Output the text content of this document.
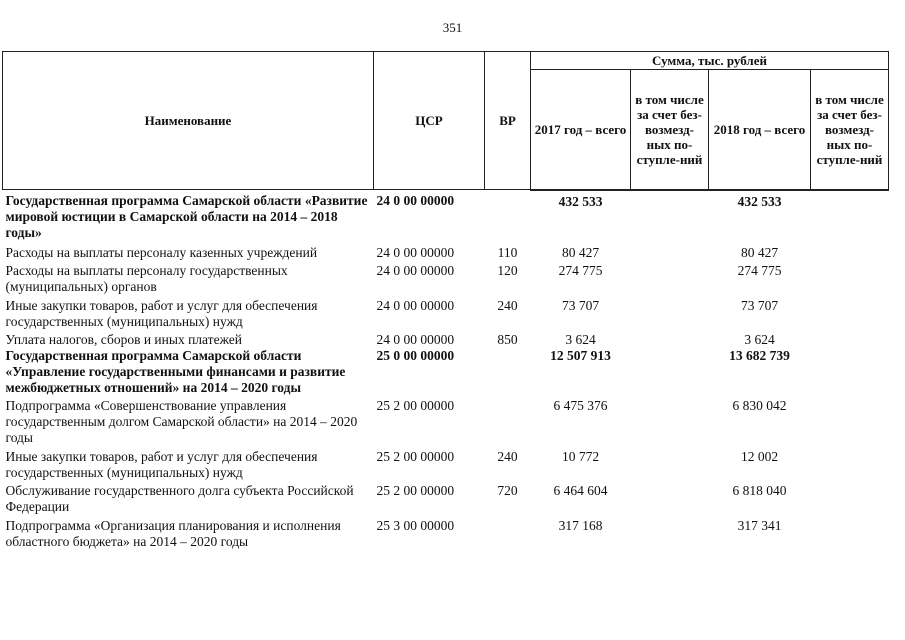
351
Наименование	ЦСР	ВР	Сумма, тыс. рублей			
			2017 год – всего	в том числе за счет без-возмезд-ных по-ступле-ний	2018 год – всего	в том числе за счет без-возмезд-ных по-ступле-ний
Государственная программа Самарской области «Развитие мировой юстиции в Самарской области на 2014 – 2018 годы»	24 0 00 00000		432 533		432 533	
Расходы на выплаты персоналу казенных учреждений	24 0 00 00000	110	80 427		80 427	
Расходы на выплаты персоналу государственных (муниципальных) органов	24 0 00 00000	120	274 775		274 775	
Иные закупки товаров, работ и услуг для обеспечения государственных (муниципальных) нужд	24 0 00 00000	240	73 707		73 707	
Уплата налогов, сборов и иных платежей	24 0 00 00000	850	3 624		3 624	
Государственная программа Самарской области «Управление государственными финансами и развитие межбюджетных отношений» на 2014 – 2020 годы	25 0 00 00000		12 507 913		13 682 739	
Подпрограмма «Совершенствование управления государственным долгом Самарской области» на 2014 – 2020 годы	25 2 00 00000		6 475 376		6 830 042	
Иные закупки товаров, работ и услуг для обеспечения государственных (муниципальных) нужд	25 2 00 00000	240	10 772		12 002	
Обслуживание государственного долга субъекта Российской Федерации	25 2 00 00000	720	6 464 604		6 818 040	
Подпрограмма «Организация планирования и исполнения областного бюджета» на 2014 – 2020 годы	25 3 00 00000		317 168		317 341	
